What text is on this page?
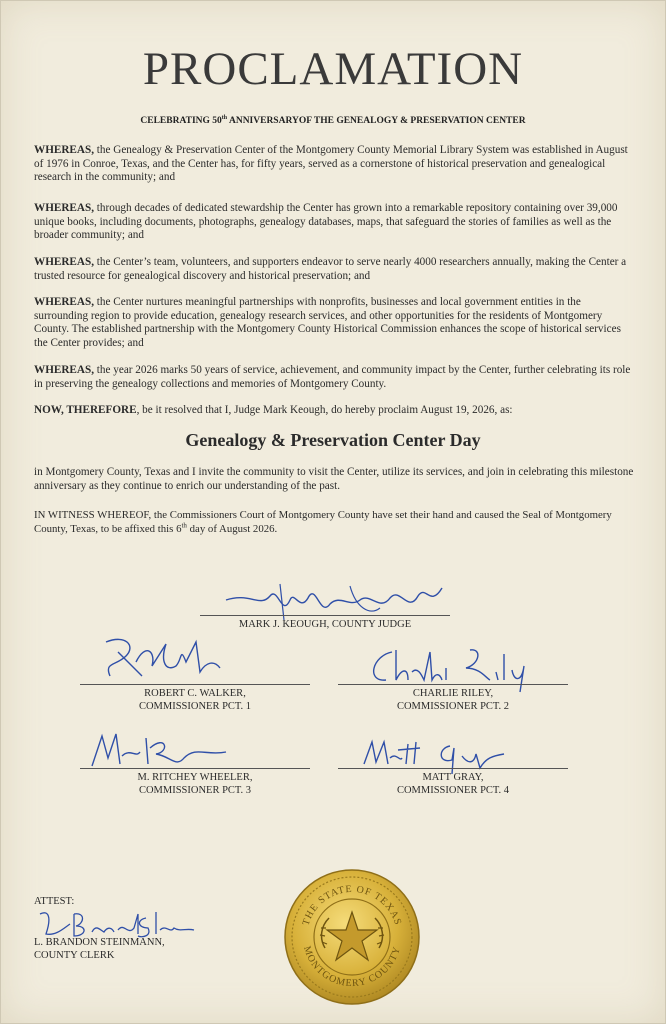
PROCLAMATION
CELEBRATING 50th ANNIVERSARYOF THE GENEALOGY & PRESERVATION CENTER
WHEREAS, the Genealogy & Preservation Center of the Montgomery County Memorial Library System was established in August of 1976 in Conroe, Texas, and the Center has, for fifty years, served as a cornerstone of historical preservation and genealogical research in the community; and
WHEREAS, through decades of dedicated stewardship the Center has grown into a remarkable repository containing over 39,000 unique books, including documents, photographs, genealogy databases, maps, that safeguard the stories of families as well as the broader community; and
WHEREAS, the Center’s team, volunteers, and supporters endeavor to serve nearly 4000 researchers annually, making the Center a trusted resource for genealogical discovery and historical preservation; and
WHEREAS, the Center nurtures meaningful partnerships with nonprofits, businesses and local government entities in the surrounding region to provide education, genealogy research services, and other opportunities for the residents of Montgomery County. The established partnership with the Montgomery County Historical Commission enhances the scope of historical services the Center provides; and
WHEREAS, the year 2026 marks 50 years of service, achievement, and community impact by the Center, further celebrating its role in preserving the genealogy collections and memories of Montgomery County.
NOW, THEREFORE, be it resolved that I, Judge Mark Keough, do hereby proclaim August 19, 2026, as:
Genealogy & Preservation Center Day
in Montgomery County, Texas and I invite the community to visit the Center, utilize its services, and join in celebrating this milestone anniversary as they continue to enrich our understanding of the past.
IN WITNESS WHEREOF, the Commissioners Court of Montgomery County have set their hand and caused the Seal of Montgomery County, Texas, to be affixed this 6th day of August 2026.
MARK J. KEOUGH, COUNTY JUDGE
ROBERT C. WALKER,
COMMISSIONER PCT. 1
CHARLIE RILEY,
COMMISSIONER PCT. 2
M. RITCHEY WHEELER,
COMMISSIONER PCT. 3
MATT GRAY,
COMMISSIONER PCT. 4
ATTEST:
L. BRANDON STEINMANN,
COUNTY CLERK
THE STATE OF TEXAS
MONTGOMERY COUNTY
